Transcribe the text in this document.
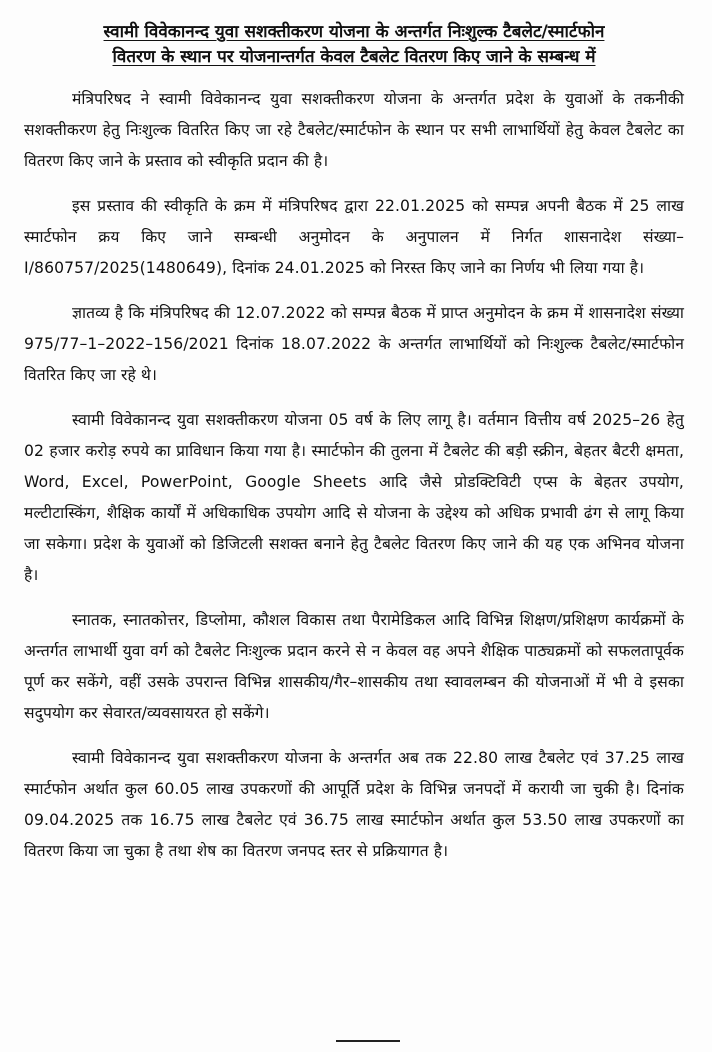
स्वामी विवेकानन्द युवा सशक्तीकरण योजना के अन्तर्गत निःशुल्क टैबलेट/स्मार्टफोन
वितरण के स्थान पर योजनान्तर्गत केवल टैबलेट वितरण किए जाने के सम्बन्ध में

मंत्रिपरिषद ने स्वामी विवेकानन्द युवा सशक्तीकरण योजना के अन्तर्गत प्रदेश के युवाओं के तकनीकी सशक्तीकरण हेतु निःशुल्क वितरित किए जा रहे टैबलेट/स्मार्टफोन के स्थान पर सभी लाभार्थियों हेतु केवल टैबलेट का वितरण किए जाने के प्रस्ताव को स्वीकृति प्रदान की है।

इस प्रस्ताव की स्वीकृति के क्रम में मंत्रिपरिषद द्वारा 22.01.2025 को सम्पन्न अपनी बैठक में 25 लाख स्मार्टफोन क्रय किए जाने सम्बन्धी अनुमोदन के अनुपालन में निर्गत शासनादेश संख्या–I/860757/2025(1480649), दिनांक 24.01.2025 को निरस्त किए जाने का निर्णय भी लिया गया है।

ज्ञातव्य है कि मंत्रिपरिषद की 12.07.2022 को सम्पन्न बैठक में प्राप्त अनुमोदन के क्रम में शासनादेश संख्या 975/77–1–2022–156/2021 दिनांक 18.07.2022 के अन्तर्गत लाभार्थियों को निःशुल्क टैबलेट/स्मार्टफोन वितरित किए जा रहे थे।

स्वामी विवेकानन्द युवा सशक्तीकरण योजना 05 वर्ष के लिए लागू है। वर्तमान वित्तीय वर्ष 2025–26 हेतु 02 हजार करोड़ रुपये का प्राविधान किया गया है। स्मार्टफोन की तुलना में टैबलेट की बड़ी स्क्रीन, बेहतर बैटरी क्षमता, Word, Excel, PowerPoint, Google Sheets आदि जैसे प्रोडक्टिविटी एप्स के बेहतर उपयोग, मल्टीटास्किंग, शैक्षिक कार्यों में अधिकाधिक उपयोग आदि से योजना के उद्देश्य को अधिक प्रभावी ढंग से लागू किया जा सकेगा। प्रदेश के युवाओं को डिजिटली सशक्त बनाने हेतु टैबलेट वितरण किए जाने की यह एक अभिनव योजना है।

स्नातक, स्नातकोत्तर, डिप्लोमा, कौशल विकास तथा पैरामेडिकल आदि विभिन्न शिक्षण/प्रशिक्षण कार्यक्रमों के अन्तर्गत लाभार्थी युवा वर्ग को टैबलेट निःशुल्क प्रदान करने से न केवल वह अपने शैक्षिक पाठ्यक्रमों को सफलतापूर्वक पूर्ण कर सकेंगे, वहीं उसके उपरान्त विभिन्न शासकीय/गैर–शासकीय तथा स्वावलम्बन की योजनाओं में भी वे इसका सदुपयोग कर सेवारत/व्यवसायरत हो सकेंगे।

स्वामी विवेकानन्द युवा सशक्तीकरण योजना के अन्तर्गत अब तक 22.80 लाख टैबलेट एवं 37.25 लाख स्मार्टफोन अर्थात कुल 60.05 लाख उपकरणों की आपूर्ति प्रदेश के विभिन्न जनपदों में करायी जा चुकी है। दिनांक 09.04.2025 तक 16.75 लाख टैबलेट एवं 36.75 लाख स्मार्टफोन अर्थात कुल 53.50 लाख उपकरणों का वितरण किया जा चुका है तथा शेष का वितरण जनपद स्तर से प्रक्रियागत है।
